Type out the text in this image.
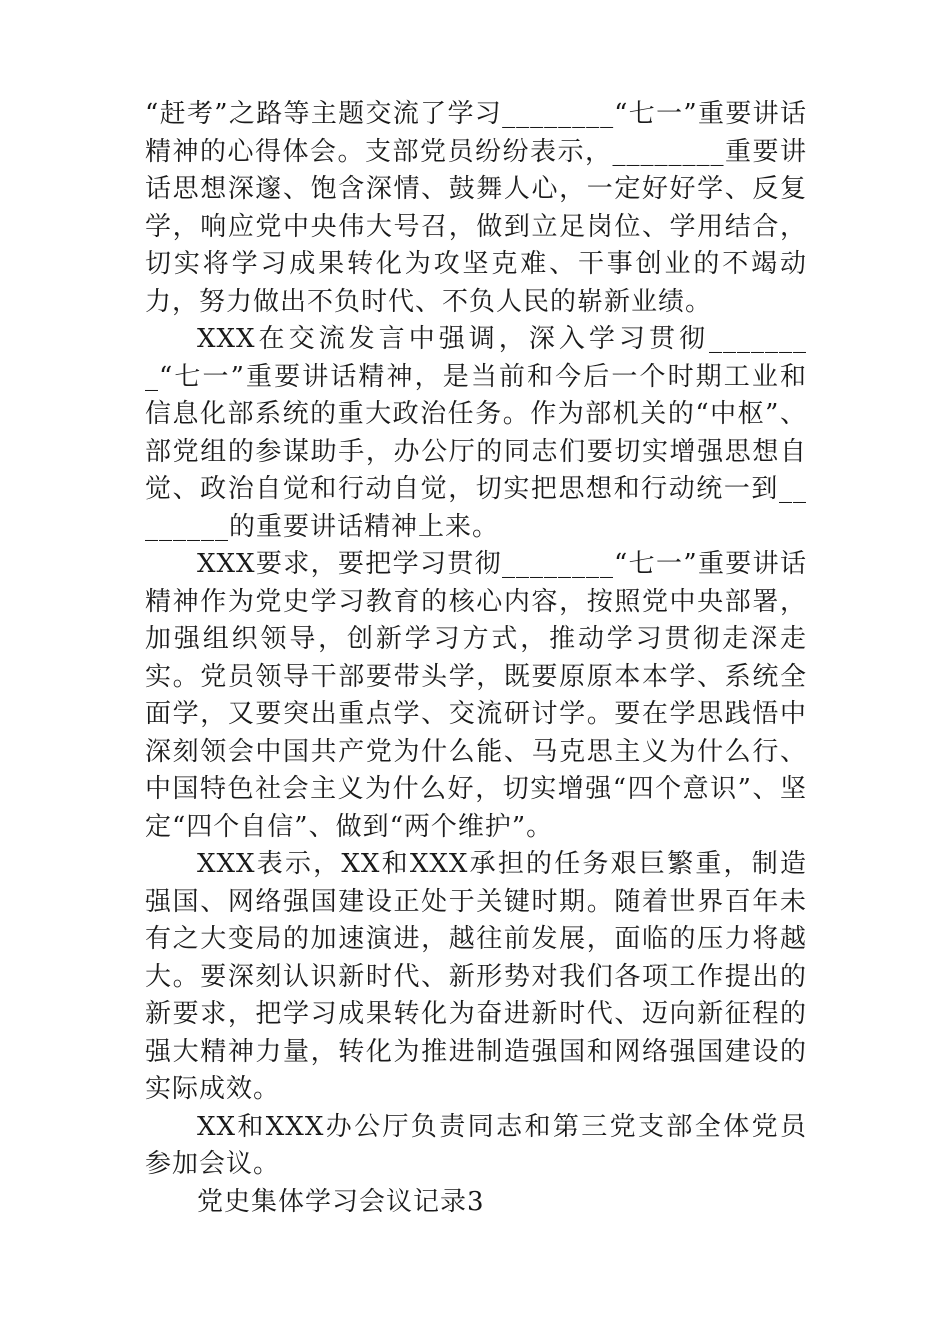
“赶考”之路等主题交流了学习________“七一”重要讲话精神的心得体会。支部党员纷纷表示，________重要讲话思想深邃、饱含深情、鼓舞人心，一定好好学、反复学，响应党中央伟大号召，做到立足岗位、学用结合，切实将学习成果转化为攻坚克难、干事创业的不竭动力，努力做出不负时代、不负人民的崭新业绩。

XXX在交流发言中强调，深入学习贯彻________“七一”重要讲话精神，是当前和今后一个时期工业和信息化部系统的重大政治任务。作为部机关的“中枢”、部党组的参谋助手，办公厅的同志们要切实增强思想自觉、政治自觉和行动自觉，切实把思想和行动统一到________的重要讲话精神上来。

XXX要求，要把学习贯彻________“七一”重要讲话精神作为党史学习教育的核心内容，按照党中央部署，加强组织领导，创新学习方式，推动学习贯彻走深走实。党员领导干部要带头学，既要原原本本学、系统全面学，又要突出重点学、交流研讨学。要在学思践悟中深刻领会中国共产党为什么能、马克思主义为什么行、中国特色社会主义为什么好，切实增强“四个意识”、坚定“四个自信”、做到“两个维护”。

XXX表示，XX和XXX承担的任务艰巨繁重，制造强国、网络强国建设正处于关键时期。随着世界百年未有之大变局的加速演进，越往前发展，面临的压力将越大。要深刻认识新时代、新形势对我们各项工作提出的新要求，把学习成果转化为奋进新时代、迈向新征程的强大精神力量，转化为推进制造强国和网络强国建设的实际成效。

XX和XXX办公厅负责同志和第三党支部全体党员参加会议。

党史集体学习会议记录3
